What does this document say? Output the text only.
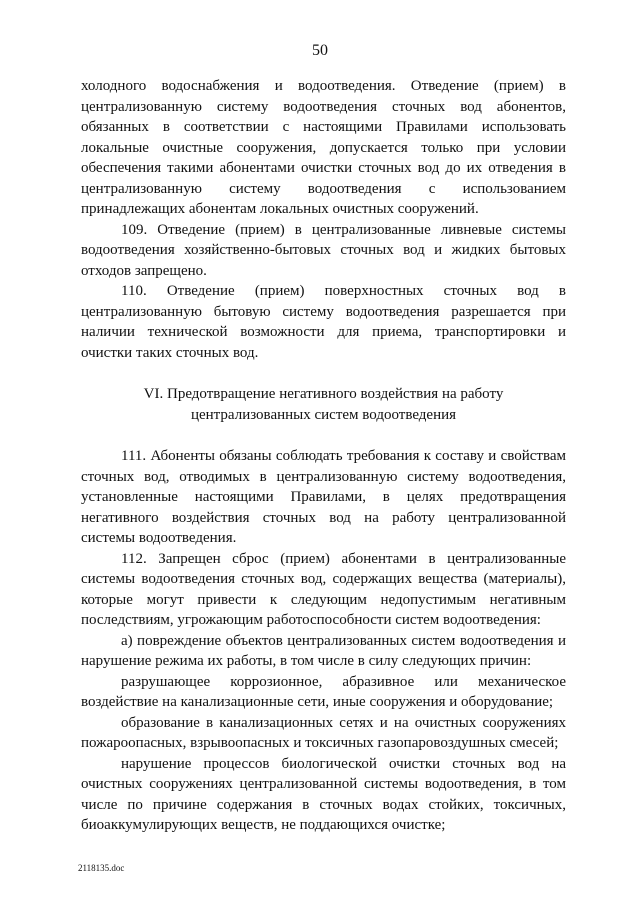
50

холодного водоснабжения и водоотведения. Отведение (прием) в централизованную систему водоотведения сточных вод абонентов, обязанных в соответствии с настоящими Правилами использовать локальные очистные сооружения, допускается только при условии обеспечения такими абонентами очистки сточных вод до их отведения в централизованную систему водоотведения с использованием принадлежащих абонентам локальных очистных сооружений.

109. Отведение (прием) в централизованные ливневые системы водоотведения хозяйственно-бытовых сточных вод и жидких бытовых отходов запрещено.

110. Отведение (прием) поверхностных сточных вод в централизованную бытовую систему водоотведения разрешается при наличии технической возможности для приема, транспортировки и очистки таких сточных вод.

VI. Предотвращение негативного воздействия на работу
централизованных систем водоотведения

111. Абоненты обязаны соблюдать требования к составу и свойствам сточных вод, отводимых в централизованную систему водоотведения, установленные настоящими Правилами, в целях предотвращения негативного воздействия сточных вод на работу централизованной системы водоотведения.

112. Запрещен сброс (прием) абонентами в централизованные системы водоотведения сточных вод, содержащих вещества (материалы), которые могут привести к следующим недопустимым негативным последствиям, угрожающим работоспособности систем водоотведения:

а) повреждение объектов централизованных систем водоотведения и нарушение режима их работы, в том числе в силу следующих причин:

разрушающее коррозионное, абразивное или механическое воздействие на канализационные сети, иные сооружения и оборудование;

образование в канализационных сетях и на очистных сооружениях пожароопасных, взрывоопасных и токсичных газопаровоздушных смесей;

нарушение процессов биологической очистки сточных вод на очистных сооружениях централизованной системы водоотведения, в том числе по причине содержания в сточных водах стойких, токсичных, биоаккумулирующих веществ, не поддающихся очистке;

2118135.doc
